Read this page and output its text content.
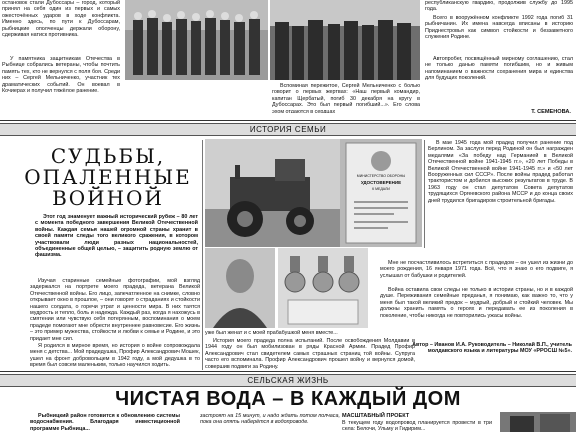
остановок стали Дубоссары – город, который принял на себя один из первых и самых ожесточённых ударов в ходе конфликта. Именно здесь, по пути к Дубоссарам, рыбницкие ополченцы держали оборону, сдерживая натиск противника.
У памятника защитникам Отечества в Рыбнице собрались ветераны, чтобы почтить память тех, кто не вернулся с поля боя. Среди них – Сергей Мельниченко, участник тех драматических событий. Он воевал в Кочиерах и получил тяжёлое ранение.
республиканскую гвардию, продолжив службу до 1995 года.
Всего в вооружённом конфликте 1992 года погиб 31 рыбничанин. Их имена навсегда вписаны в историю Приднестровья как символ стойкости и беззаветного служения Родине.
Автопробег, посвящённый мирному соглашению, стал не только данью памяти погибшим, но и живым напоминанием о важности сохранения мира и единства для будущих поколений.
Т. СЕМЕНОВА.
Вспоминая пережитое, Сергей Мельниченко с болью говорит о первых жертвах: «Наш первый командир, капитан Щербатый, погиб 30 декабря на кругу в Дубоссарах. Это был первый погибший...». Его слова эхом отдаются в сердцах
ИСТОРИЯ СЕМЬИ
СУДЬБЫ,
ОПАЛЕННЫЕ
ВОЙНОЙ
Этот год знаменует важный исторический рубеж – 80 лет с момента победного завершения Великой Отечественной войны. Каждая семья нашей огромной страны хранит в своей памяти следы того великого сражения, в котором участвовали люди разных национальностей, объединенные общей целью, – защитить родную землю от фашизма.
Изучая старинные семейные фотографии, мой взгляд задержался на портрете моего прадеда, ветерана Великой Отечественной войны. Его лицо, запечатленное на снимке, словно открывает окно в прошлое, – они говорят о страданиях и стойкости нашего солдата, о горечи утрат и ценности мира. В них таятся мудрость и тепло, боль и надежда. Каждый раз, когда я нахожусь в смятении или чувствую себя потерянным, воспоминания о моем прадеде помогают мне обрести внутреннее равновесие. Его жизнь – это пример мужества, стойкости и любви к семье и Родине, и это придает мне сил.
Я родился в мирное время, но история о войне сопровождала меня с детства... Мой прадедушка, Профир Александрович Мошек, ушел на фронт добровольцем в 1942 году, а мой дедушка в то время был совсем маленьким, только научился ходить.
МИНИСТЕРСТВО ОБОРОНЫ
УДОСТОВЕРЕНИЕ
К МЕДАЛИ
уже был женат и с моей прабабушкой меня вместе...
История моего прадеда полна испытаний. После освобождения Молдавии в 1944 году он был мобилизован в ряды Красной Армии. Прадед Профир Александрович стал свидетелем самых страшных страниц той войны. Супруга часто его вспоминала. Профир Александрович прошел войну и вернулся домой, совершив подвиги за Родину.
В мае 1945 года мой прадед получил ранение под Берлином. За заслуги перед Родиной он был награжден медалями «За победу над Германией в Великой Отечественной войне 1941-1945 гг.», «20 лет Победы в Великой Отечественной войне 1941-1945 гг.» и «50 лет Вооруженных сил СССР». После войны прадед работал трактористом и добился высоких результатов в труде. В 1963 году он стал депутатом Совета депутатов трудящихся Оргеевского района МССР и до конца своих дней трудился бригадиром строительной бригады.
Мне не посчастливилось встретиться с прадедом – он ушел из жизни до моего рождения, 16 января 1971 года. Всё, что я знаю о его подвиге, я услышал от бабушки и родителей.
Война оставила свои следы не только в истории страны, но и в каждой душе. Переживания семейные преданья, я понимаю, как важно то, что у меня был такой великий предок – мудрый, добрый и стойкий человек. Мы должны хранить память о героях и передавать ее из поколения в поколение, чтобы никогда не повторились ужасы войны.
Автор – Иванов И.А. Руководитель – Николай В.П., учитель молдавского языка и литературы МОУ «РРОСШ №5».
СЕЛЬСКАЯ ЖИЗНЬ
ЧИСТАЯ ВОДА – В КАЖДЫЙ ДОМ
Рыбницкий район готовится к обновлению системы водоснабжения. Благодаря инвестиционной программе Рыбница...
застроят на 15 минут, и надо ждать потом полчаса, пока она опять наберётся в водопроводе.
МАСШТАБНЫЙ ПРОЕКТ
В текущем году водопровод планируется провести в три села: Белочи, Ульму и Гидирим...
